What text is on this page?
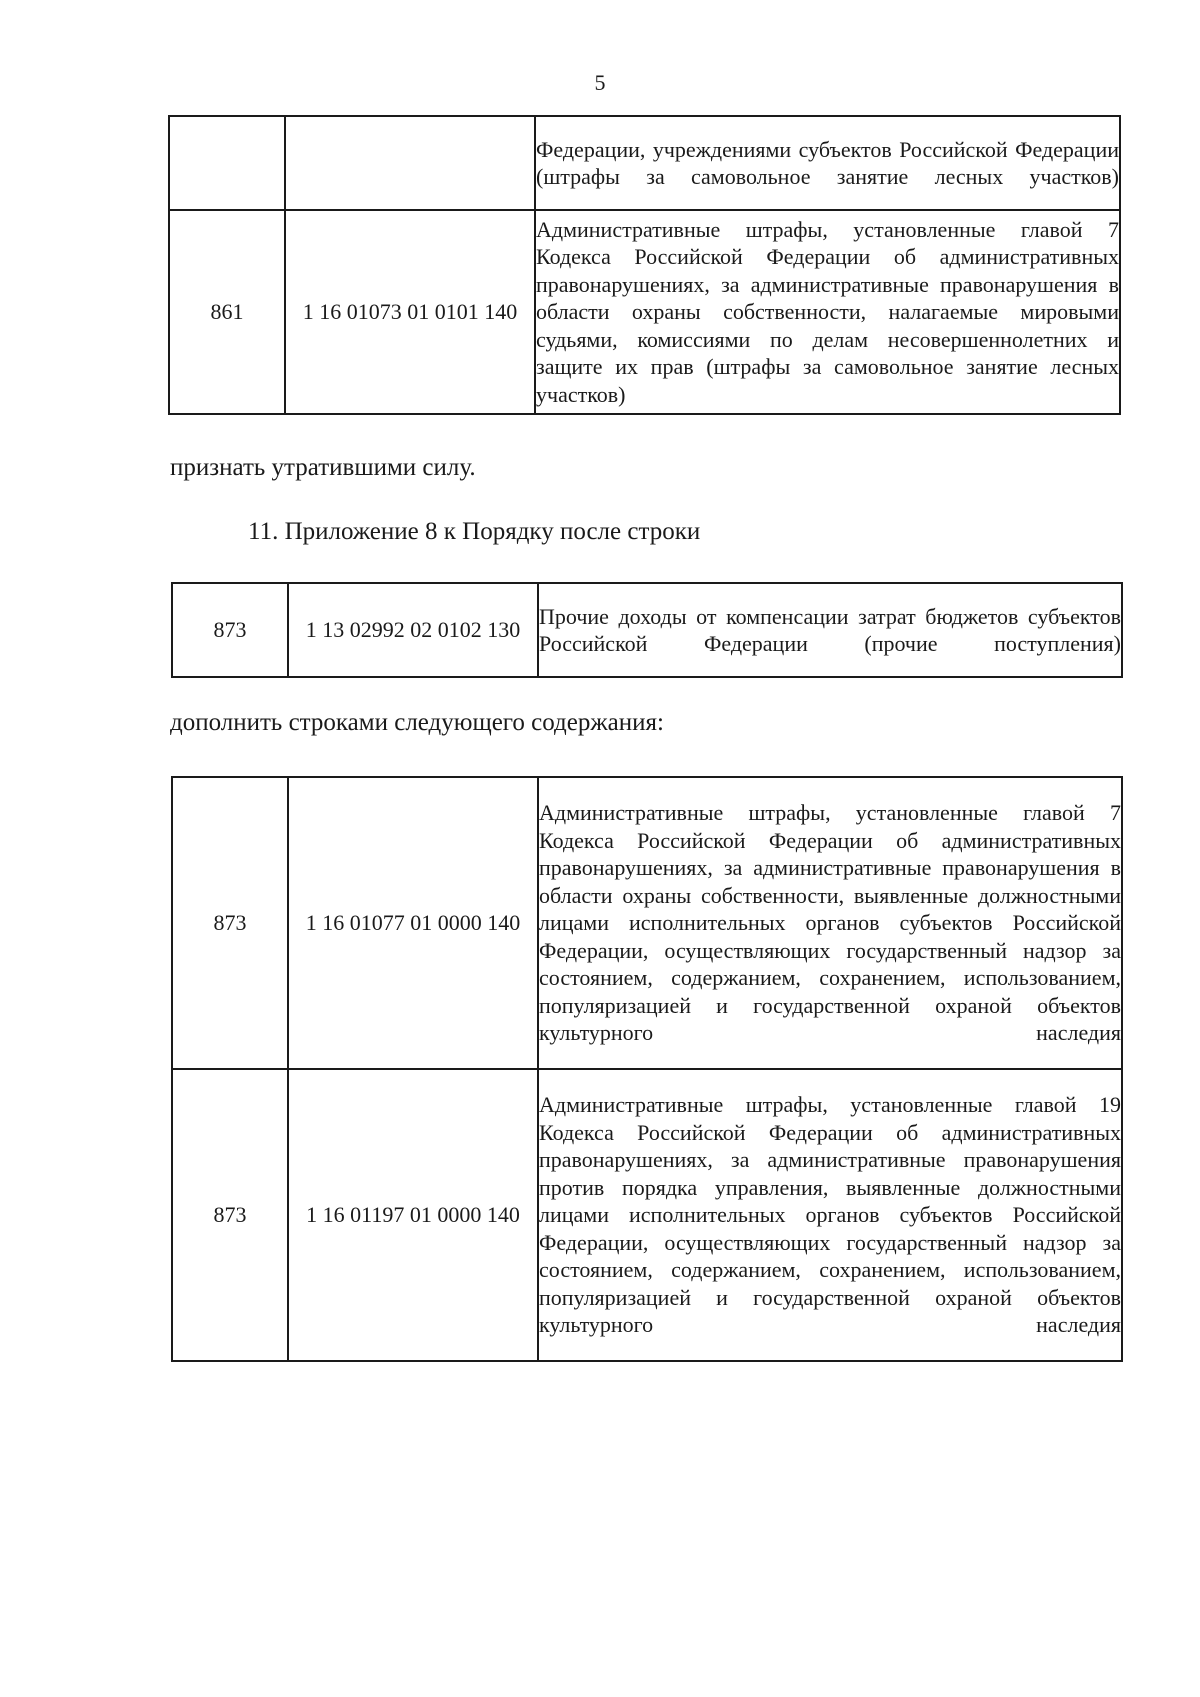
5
		Федерации, учреждениями субъектов Российской Федерации (штрафы за самовольное занятие лесных участков)
861	1 16 01073 01 0101 140	Административные штрафы, установленные главой 7 Кодекса Российской Федерации об административных правонарушениях, за административные правонарушения в области охраны собственности, налагаемые мировыми судьями, комиссиями по делам несовершеннолетних и защите их прав (штрафы за самовольное занятие лесных участков)
признать утратившими силу.
11. Приложение 8 к Порядку после строки
873	1 13 02992 02 0102 130	Прочие доходы от компенсации затрат бюджетов субъектов Российской Федерации (прочие поступления)
дополнить строками следующего содержания:
873	1 16 01077 01 0000 140	Административные штрафы, установленные главой 7 Кодекса Российской Федерации об административных правонарушениях, за административные правонарушения в области охраны собственности, выявленные должностными лицами исполнительных органов субъектов Российской Федерации, осуществляющих государственный надзор за состоянием, содержанием, сохранением, использованием, популяризацией и государственной охраной объектов культурного наследия
873	1 16 01197 01 0000 140	Административные штрафы, установленные главой 19 Кодекса Российской Федерации об административных правонарушениях, за административные правонарушения против порядка управления, выявленные должностными лицами исполнительных органов субъектов Российской Федерации, осуществляющих государственный надзор за состоянием, содержанием, сохранением, использованием, популяризацией и государственной охраной объектов культурного наследия
